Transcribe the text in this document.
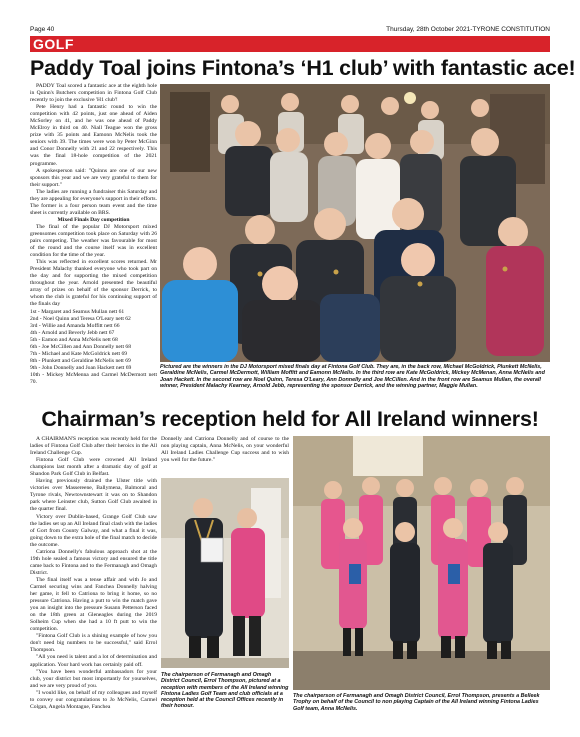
Page 40	Thursday, 28th October 2021-TYRONE CONSTITUTION
GOLF
Paddy Toal joins Fintona’s ‘H1 club’ with fantastic ace!

PADDY Toal scored a fantastic ace at the eighth hole in Quinn's Butchers competition in Fintona Golf Club recently to join the exclusive 'H1 club'!

Pete Henry had a fantastic round to win the competition with 42 points, just one ahead of Aiden McSorley on 41, and he was one ahead of Paddy McElroy in third on 40. Niall Teague won the gross prize with 35 points and Eamonn McNelis took the seniors with 39. The times were won by Peter McGinn and Conor Donnelly with 21 and 22 respectively. This was the final 18-hole competition of the 2021 programme.

A spokesperson said: "Quinns are one of our new sponsors this year and we are very grateful to them for their support."

The ladies are running a fundraiser this Saturday and they are appealing for everyone's support in their efforts. The former is a four person team event and the time sheet is currently available on BRS.

Mixed Finals Day competition

The final of the popular DJ Motorsport mixed greensomes competition took place on Saturday with 26 pairs competing. The weather was favourable for most of the round and the course itself was in excellent condition for the time of the year.

This was reflected in excellent scores returned. Mr President Malachy thanked everyone who took part on the day and for supporting the mixed competition throughout the year. Arnold presented the beautiful array of prizes on behalf of the sponsor Derrick, to whom the club is grateful for his continuing support of the finals day

1st - Margaret and Seamus Mullan nett 61

2nd - Noel Quinn and Teresa O'Leary nett 62

3rd - Willie and Amanda Moffitt nett 66

4th - Arnold and Beverly Jebb nett 67

5th - Eamon and Anna McNelis nett 68

6th - Joe McCillen and Ann Donnelly nett 68

7th - Michael and Kate McGoldrick nett 69

8th - Plunkett and Geraldine McNelis nett 69

9th - John Donnelly and Joan Hackett nett 69

10th - Mickey McMenna and Carmel McDermott nett 70.

Pictured are the winners in the DJ Motorsport mixed finals day at Fintona Golf Club. They are, in the back row, Michael McGoldrick, Plunkett McNelis, Geraldine McNelis, Carmel McDermott, William Moffitt and Eamonn McNelis. In the third row are Kate McGoldrick, Mickey McMenan, Anna McNelis and Joan Hackett. In the second row are Noel Quinn, Teresa O'Leary, Ann Donnelly and Joe McCillen. And in the front row are Seamus Mullan, the overall winner, President Malachy Kearney, Arnold Jebb, representing the sponsor Derrick, and the winning partner, Maggie Mullan.
Chairman’s reception held for All Ireland winners!

A CHAIRMAN'S reception was recently held for the ladies of Fintona Golf Club after their heroics in the All Ireland Challenge Cup.

Fintona Golf Club were crowned All Ireland champions last month after a dramatic day of golf at Shandon Park Golf Club in Belfast.

Having previously drained the Ulster title with victories over Massereene, Ballymena, Balmoral and Tyrone rivals, Newtownstewart it was on to Shandon park where Leinster club, Sutton Golf Club awaited in the quarter final.

Victory over Dublin-based, Grange Golf Club saw the ladies set up an All Ireland final clash with the ladies of Gort from County Galway, and what a final it was, going down to the extra hole of the final match to decide the outcome.

Catriona Donnelly's fabulous approach shot at the 19th hole sealed a famous victory and ensured the title came back to Fintona and to the Fermanagh and Omagh District.

The final itself was a tense affair and with Jo and Carmel securing wins and Fanchea Donnelly halving her game, it fell to Catriona to bring it home, so no pressure Catriona. Having a putt to win the match gave you an insight into the pressure Susann Petterson faced on the 18th green at Gleneagles during the 2019 Solheim Cup when she had a 10 ft putt to win the competition.

"Fintona Golf Club is a shining example of how you don't need big numbers to be successful," said Errol Thompson.

"All you need is talent and a lot of determination and application. Your hard work has certainly paid off.

"You have been wonderful ambassadors for your club, your district but most importantly for yourselves, and we are very proud of you.

"I would like, on behalf of my colleagues and myself to convey our congratulations to Jo McNelis, Carmel Colgan, Angela Montague, Fanchea

Donnelly and Catriona Donnelly and of course to the non playing captain, Anna McNelis, on your wonderful All Ireland Ladies Challenge Cup success and to wish you well for the future."

The chairperson of Fermanagh and Omagh District Council, Errol Thompson, pictured at a reception with members of the All Ireland winning Fintona Ladies Golf Team and club officials at a reception held at the Council Offices recently in their honour.
The chairperson of Fermanagh and Omagh District Council, Errol Thompson, presents a Belleek Trophy on behalf of the Council to non playing Captain of the All Ireland winning Fintona Ladies Golf team, Anna McNelis.
